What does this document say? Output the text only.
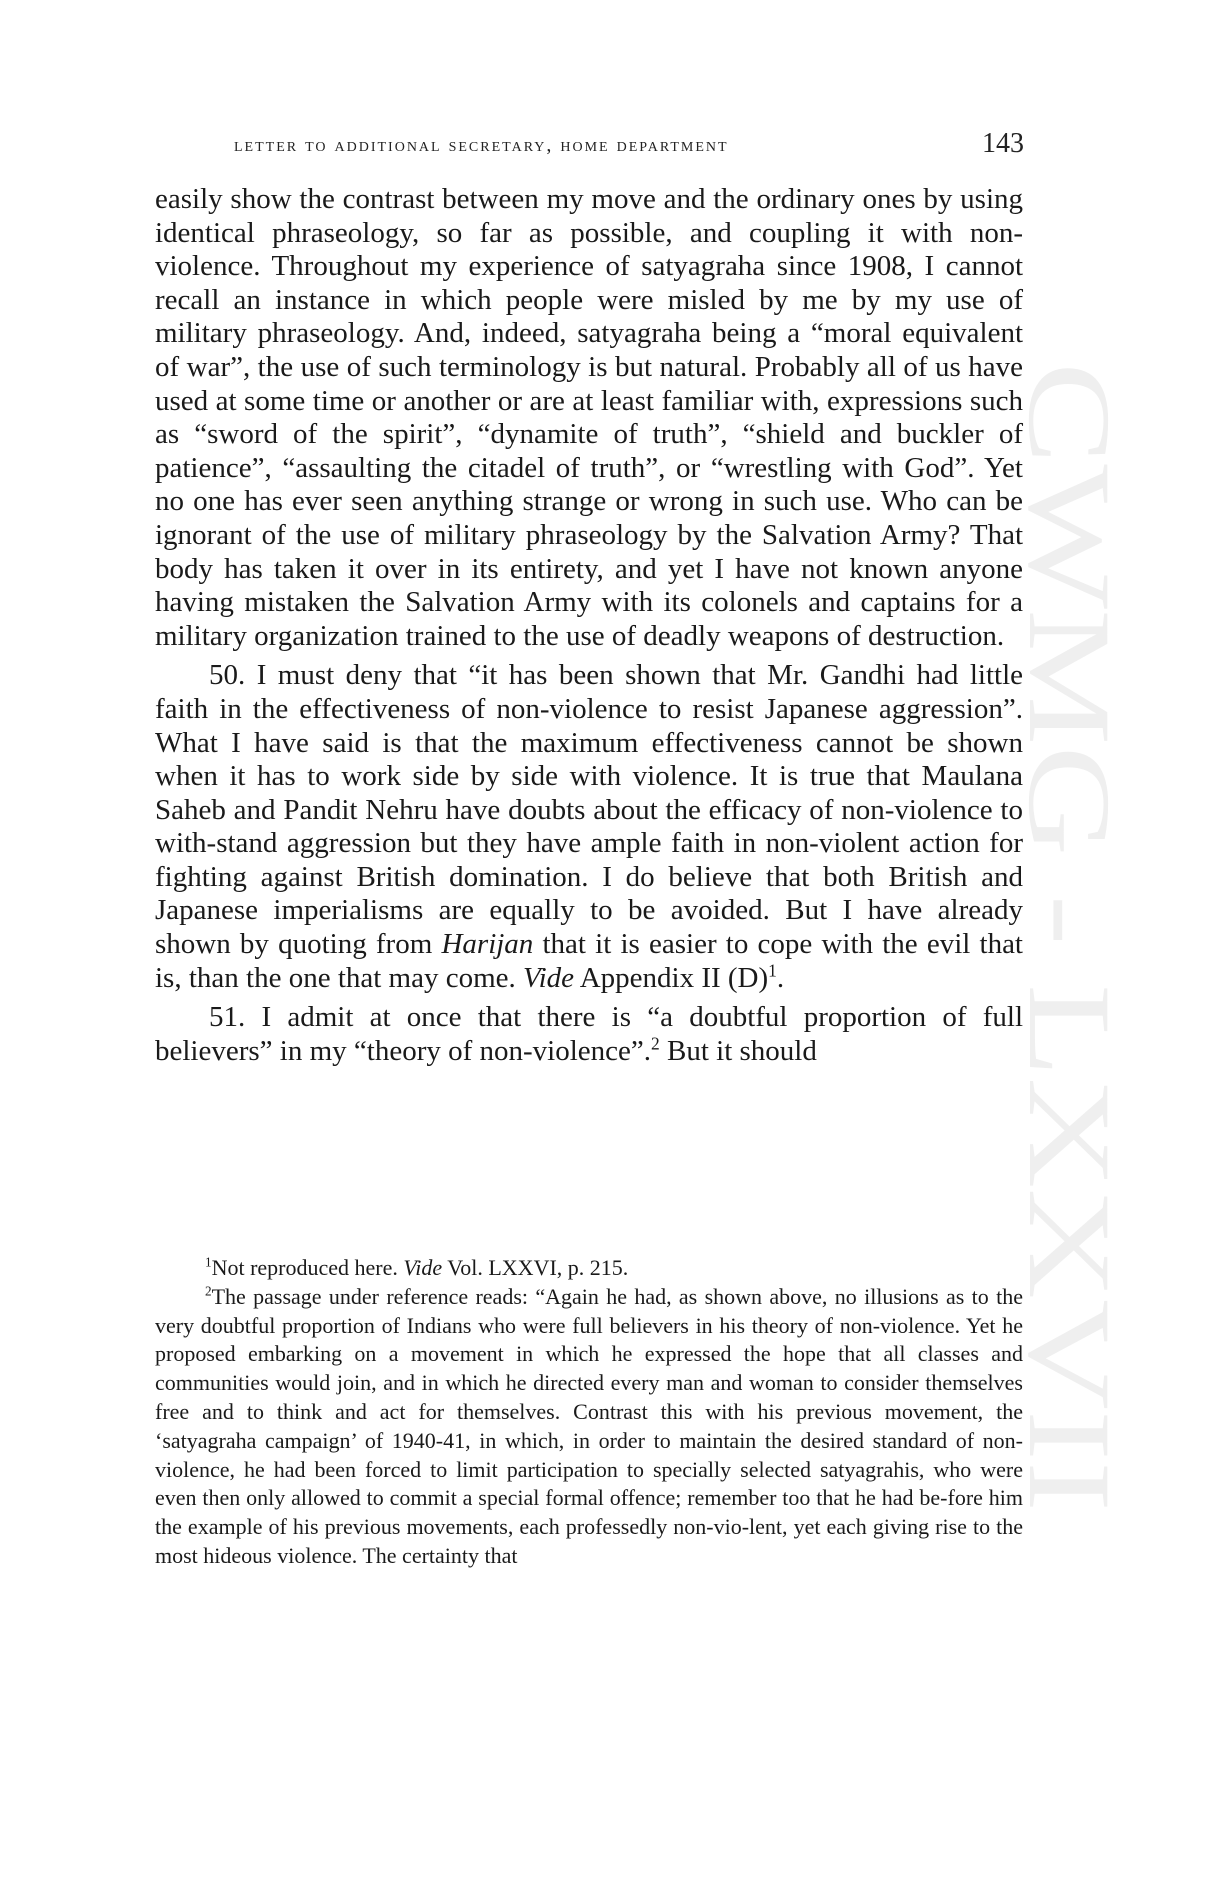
CWMG - LXXVII
letter to additional secretary, home department	143

easily show the contrast between my move and the ordinary ones by using identical phraseology, so far as possible, and coupling it with non-violence. Throughout my experience of satyagraha since 1908, I cannot recall an instance in which people were misled by me by my use of military phraseology. And, indeed, satyagraha being a “moral equivalent of war”, the use of such terminology is but natural. Probably all of us have used at some time or another or are at least familiar with, expressions such as “sword of the spirit”, “dynamite of truth”, “shield and buckler of patience”, “assaulting the citadel of truth”, or “wrestling with God”. Yet no one has ever seen anything strange or wrong in such use. Who can be ignorant of the use of military phraseology by the Salvation Army? That body has taken it over in its entirety, and yet I have not known anyone having mistaken the Salvation Army with its colonels and captains for a military organization trained to the use of deadly weapons of destruction.

50. I must deny that “it has been shown that Mr. Gandhi had little faith in the effectiveness of non-violence to resist Japanese aggression”. What I have said is that the maximum effectiveness cannot be shown when it has to work side by side with violence. It is true that Maulana Saheb and Pandit Nehru have doubts about the efficacy of non-violence to with-stand aggression but they have ample faith in non-violent action for fighting against British domination. I do believe that both British and Japanese imperialisms are equally to be avoided. But I have already shown by quoting from Harijan that it is easier to cope with the evil that is, than the one that may come. Vide Appendix II $(D)^1$.

51. I admit at once that there is “a doubtful proportion of full believers” in my “theory of non-violence”.$^2$ But it should

$^1$Not reproduced here. Vide Vol. LXXVI, p. 215.

$^2$The passage under reference reads: “Again he had, as shown above, no illusions as to the very doubtful proportion of Indians who were full believers in his theory of non-violence. Yet he proposed embarking on a movement in which he expressed the hope that all classes and communities would join, and in which he directed every man and woman to consider themselves free and to think and act for themselves. Contrast this with his previous movement, the ‘satyagraha campaign’ of 1940-41, in which, in order to maintain the desired standard of non-violence, he had been forced to limit participation to specially selected satyagrahis, who were even then only allowed to commit a special formal offence; remember too that he had be-fore him the example of his previous movements, each professedly non-vio-lent, yet each giving rise to the most hideous violence. The certainty that
